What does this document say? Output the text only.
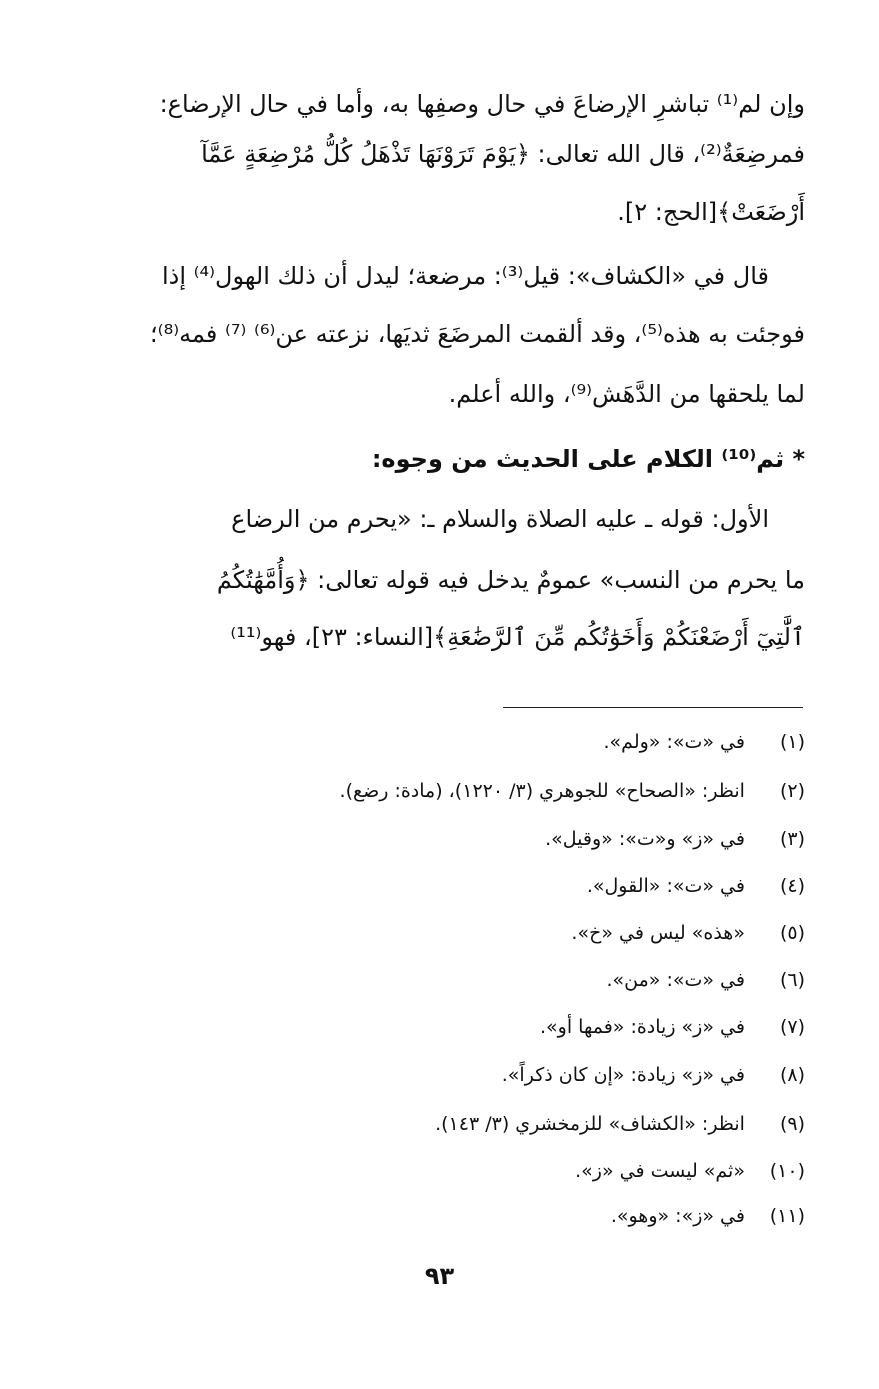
وإن لم⁽¹⁾ تباشرِ الإرضاعَ في حال وصفِها به، وأما في حال الإرضاع:
فمرضِعَةٌ⁽²⁾، قال الله تعالى: ﴿يَوْمَ تَرَوْنَهَا تَذْهَلُ كُلُّ مُرْضِعَةٍ عَمَّآ
أَرْضَعَتْ﴾[الحج: ٢].
قال في «الكشاف»: قيل⁽³⁾: مرضعة؛ ليدل أن ذلك الهول⁽⁴⁾ إذا
فوجئت به هذه⁽⁵⁾، وقد ألقمت المرضَعَ ثديَها، نزعته عن⁽⁶⁾ ⁽⁷⁾ فمه⁽⁸⁾؛
لما يلحقها من الدَّهَش⁽⁹⁾، والله أعلم.
* ثم⁽¹⁰⁾ الكلام على الحديث من وجوه:
الأول: قوله ـ عليه الصلاة والسلام ـ: «يحرم من الرضاع
ما يحرم من النسب» عمومٌ يدخل فيه قوله تعالى: ﴿وَأُمَّهَٰتُكُمُ
ٱلَّٰتِيٓ أَرْضَعْنَكُمْ وَأَخَوَٰتُكُم مِّنَ ٱلرَّضَٰعَةِ﴾[النساء: ٢٣]، فهو⁽¹¹⁾
(١) في «ت»: «ولم».
(٢) انظر: «الصحاح» للجوهري (٣/ ١٢٢٠)، (مادة: رضع).
(٣) في «ز» و«ت»: «وقيل».
(٤) في «ت»: «القول».
(٥) «هذه» ليس في «خ».
(٦) في «ت»: «من».
(٧) في «ز» زيادة: «فمها أو».
(٨) في «ز» زيادة: «إن كان ذكراً».
(٩) انظر: «الكشاف» للزمخشري (٣/ ١٤٣).
(١٠) «ثم» ليست في «ز».
(١١) في «ز»: «وهو».
٩٣
